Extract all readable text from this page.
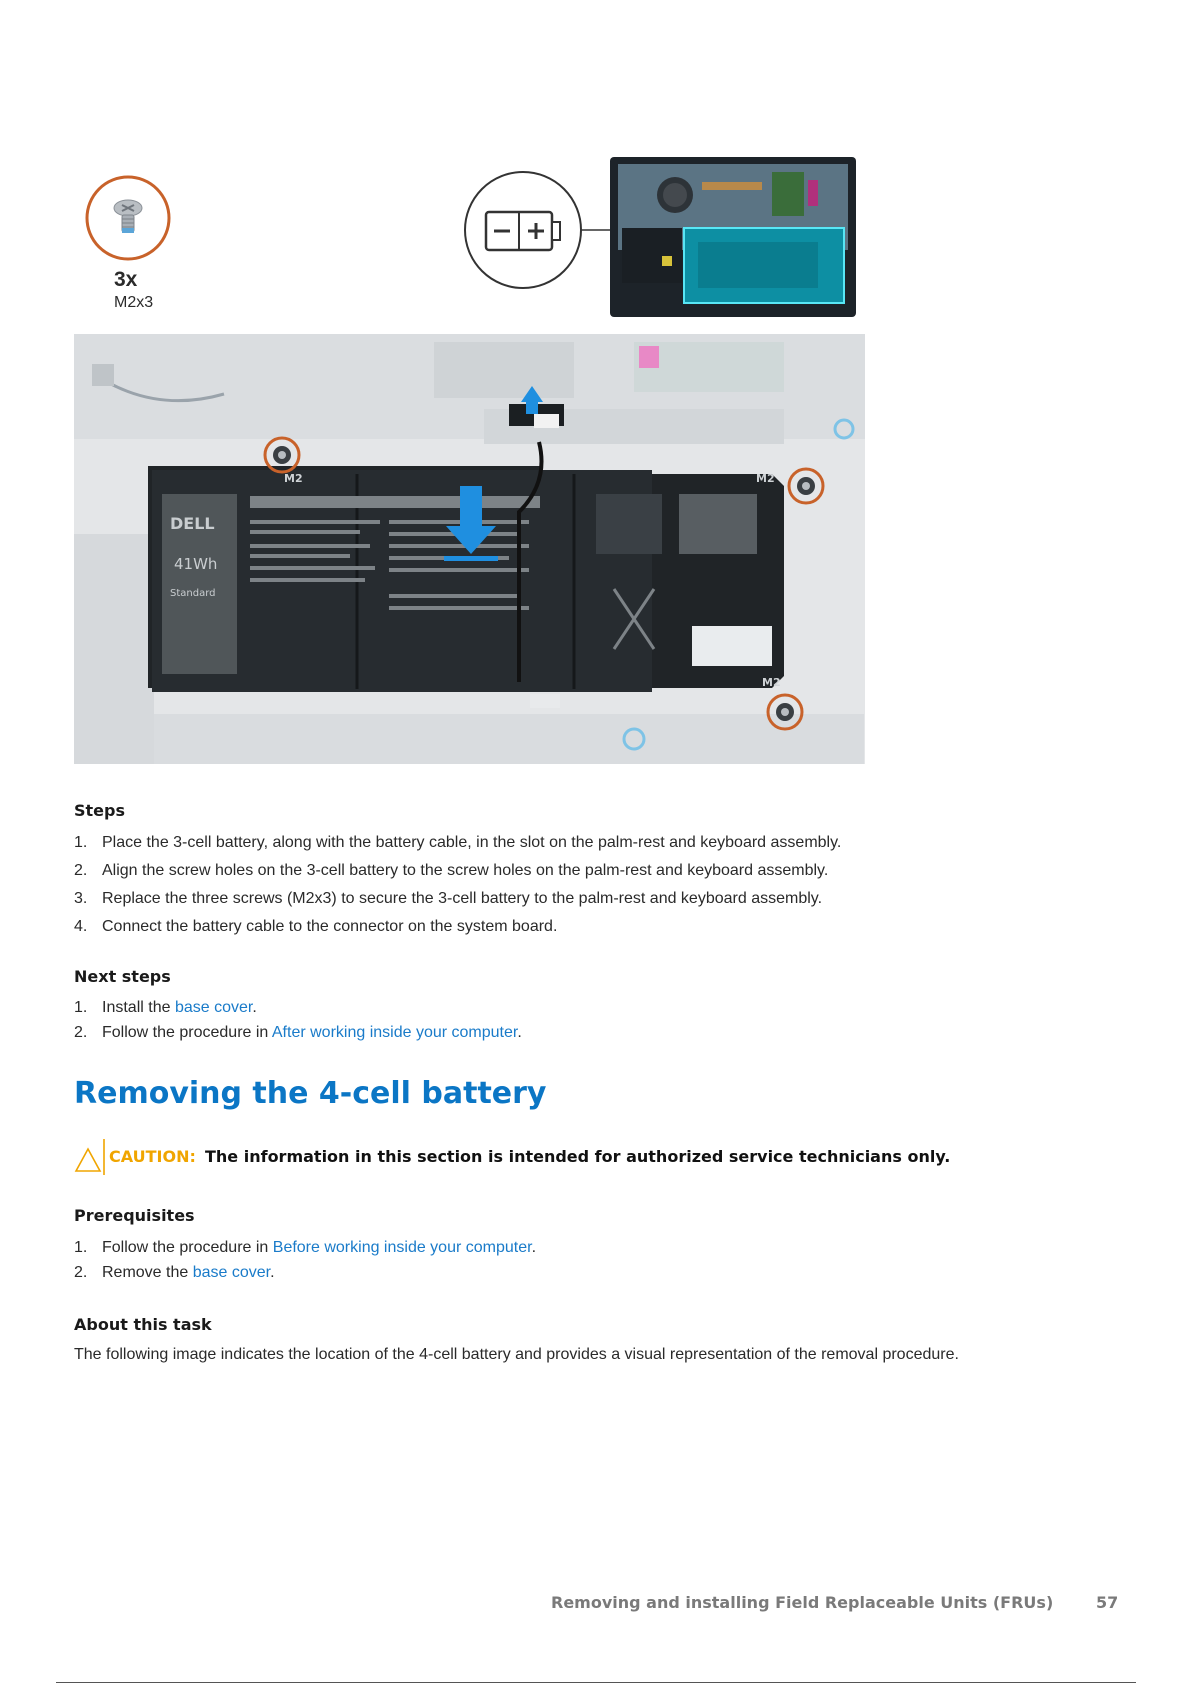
3x
M2x3
DELL
41Wh
Standard
M2	M2
M2
Steps
1. Place the 3-cell battery, along with the battery cable, in the slot on the palm-rest and keyboard assembly.
2. Align the screw holes on the 3-cell battery to the screw holes on the palm-rest and keyboard assembly.
3. Replace the three screws (M2x3) to secure the 3-cell battery to the palm-rest and keyboard assembly.
4. Connect the battery cable to the connector on the system board.
Next steps
1. Install the base cover.
2. Follow the procedure in After working inside your computer.
Removing the 4-cell battery
CAUTION: The information in this section is intended for authorized service technicians only.
Prerequisites
1. Follow the procedure in Before working inside your computer.
2. Remove the base cover.
About this task
The following image indicates the location of the 4-cell battery and provides a visual representation of the removal procedure.
Removing and installing Field Replaceable Units (FRUs)	57
